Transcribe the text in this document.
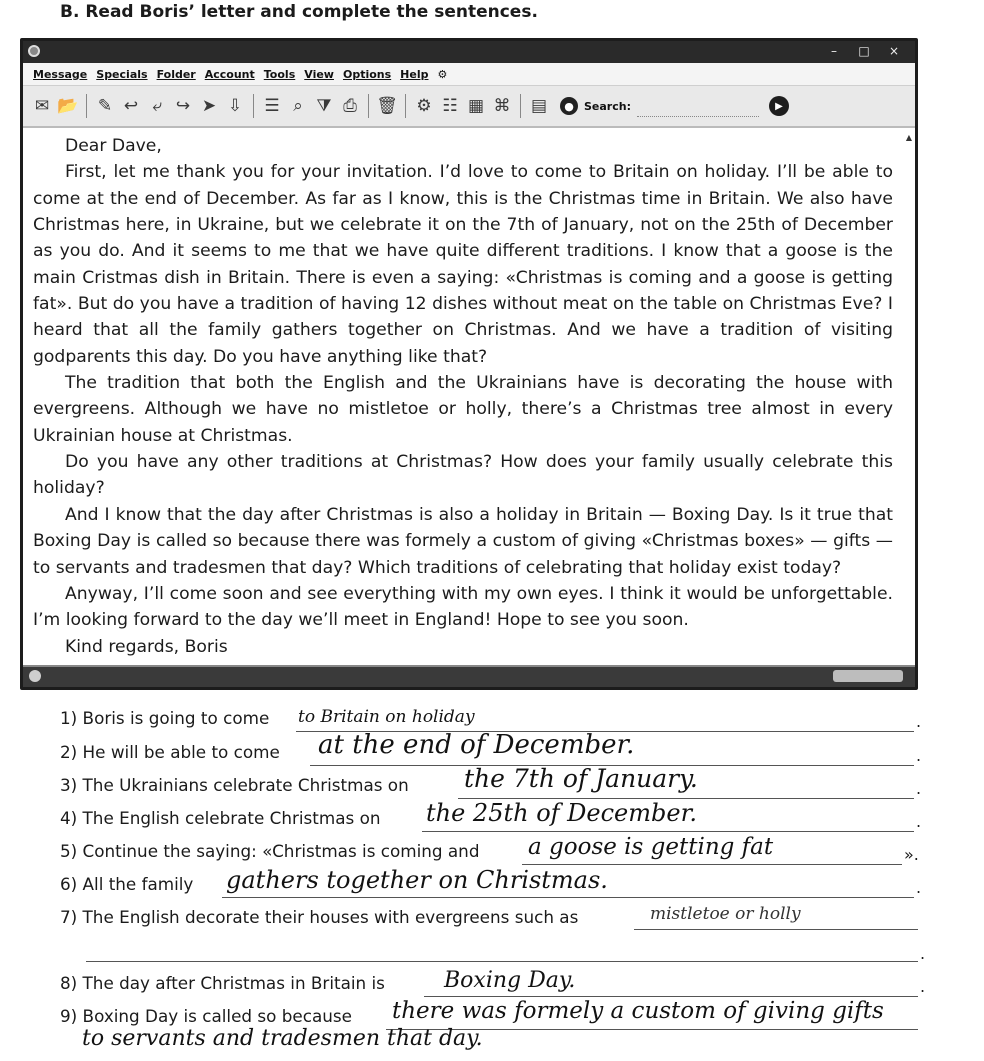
B. Read Boris’ letter and complete the sentences.
–	□ ×
Message Specials Folder Account Tools View Options Help ⚙
✉ 📂 ✎ ↩ ⤶ ↪ ➤ ⇩ ☰ ⌕ ⧩ ⎙ 🗑 ⚙ ☷ ▦ ⌘ ▤	● Search:	▶

Dear Dave,

First, let me thank you for your invitation. I’d love to come to Britain on holiday. I’ll be able to come at the end of December. As far as I know, this is the Christmas time in Britain. We also have Christmas here, in Ukraine, but we celebrate it on the 7th of January, not on the 25th of December as you do. And it seems to me that we have quite different traditions. I know that a goose is the main Cristmas dish in Britain. There is even a saying: «Christmas is coming and a goose is getting fat». But do you have a tradition of having 12 dishes without meat on the table on Christmas Eve? I heard that all the family gathers together on Christmas. And we have a tradition of visiting godparents this day. Do you have anything like that?

The tradition that both the English and the Ukrainians have is decorating the house with evergreens. Although we have no mistletoe or holly, there’s a Christmas tree almost in every Ukrainian house at Christmas.

Do you have any other traditions at Christmas? How does your family usually celebrate this holiday?

And I know that the day after Christmas is also a holiday in Britain — Boxing Day. Is it true that Boxing Day is called so because there was formely a custom of giving «Christmas boxes» — gifts — to servants and tradesmen that day? Which traditions of celebrating that holiday exist today?

Anyway, I’ll come soon and see everything with my own eyes. I think it would be unforgettable. I’m looking forward to the day we’ll meet in England! Hope to see you soon.

Kind regards, Boris

▲
1) Boris is going to come to Britain on holiday	.
2) He will be able to come at the end of December.	.
3) The Ukrainians celebrate Christmas on the 7th of January.	.
4) The English celebrate Christmas on the 25th of December.	.
5) Continue the saying: «Christmas is coming and a goose is getting fat	».
6) All the family gathers together on Christmas.	.
7) The English decorate their houses with evergreens such as	mistletoe or holly
.
8) The day after Christmas in Britain is	Boxing Day.	.
9) Boxing Day is called so because there was formely a custom of giving gifts
to servants and tradesmen that day.
